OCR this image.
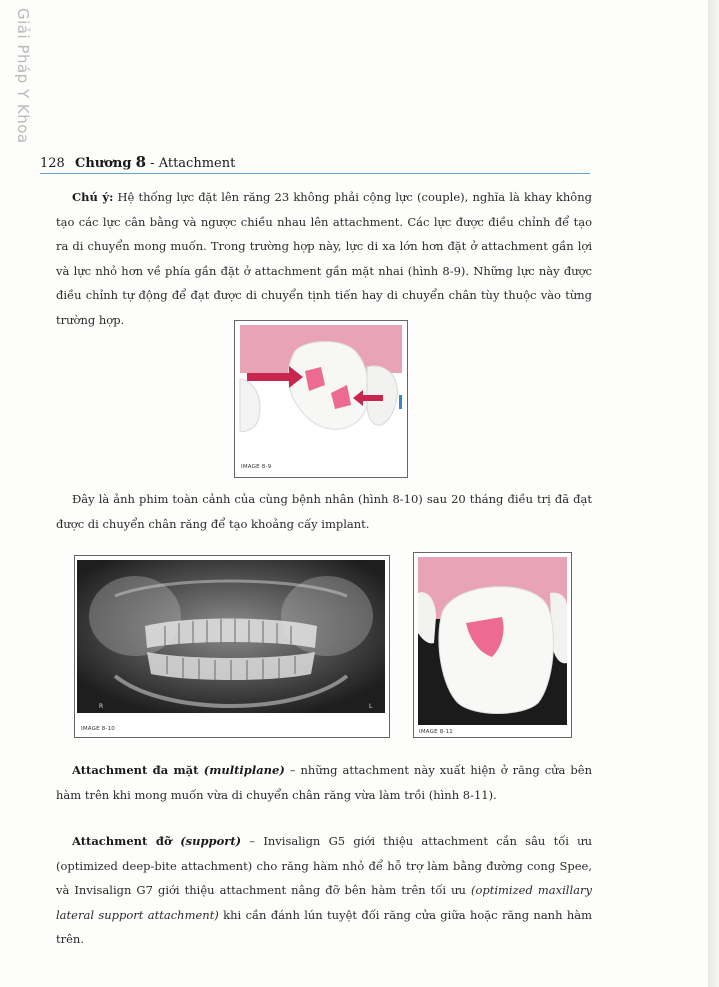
Giải Pháp Y Khoa
128 Chương 8 - Attachment
Chú ý: Hệ thống lực đặt lên răng 23 không phải cộng lực (couple), nghĩa là khay không tạo các lực cân bằng và ngược chiều nhau lên attachment. Các lực được điều chỉnh để tạo ra di chuyển mong muốn. Trong trường hợp này, lực di xa lớn hơn đặt ở attachment gần lợi và lực nhỏ hơn về phía gần đặt ở attachment gần mặt nhai (hình 8-9). Những lực này được điều chỉnh tự động để đạt được di chuyển tịnh tiến hay di chuyển chân tùy thuộc vào từng trường hợp.
IMAGE 8-9
Đây là ảnh phim toàn cảnh của cùng bệnh nhân (hình 8-10) sau 20 tháng điều trị đã đạt được di chuyển chân răng để tạo khoảng cấy implant.
R	L
IMAGE 8-10	IMAGE 8-11
Attachment đa mặt (multiplane) – những attachment này xuất hiện ở răng cửa bên hàm trên khi mong muốn vừa di chuyển chân răng vừa làm trồi (hình 8-11).
Attachment đỡ (support) – Invisalign G5 giới thiệu attachment cắn sâu tối ưu (optimized deep-bite attachment) cho răng hàm nhỏ để hỗ trợ làm bằng đường cong Spee, và Invisalign G7 giới thiệu attachment nâng đỡ bên hàm trên tối ưu (optimized maxillary lateral support attachment) khi cần đánh lún tuyệt đối răng cửa giữa hoặc răng nanh hàm trên.
